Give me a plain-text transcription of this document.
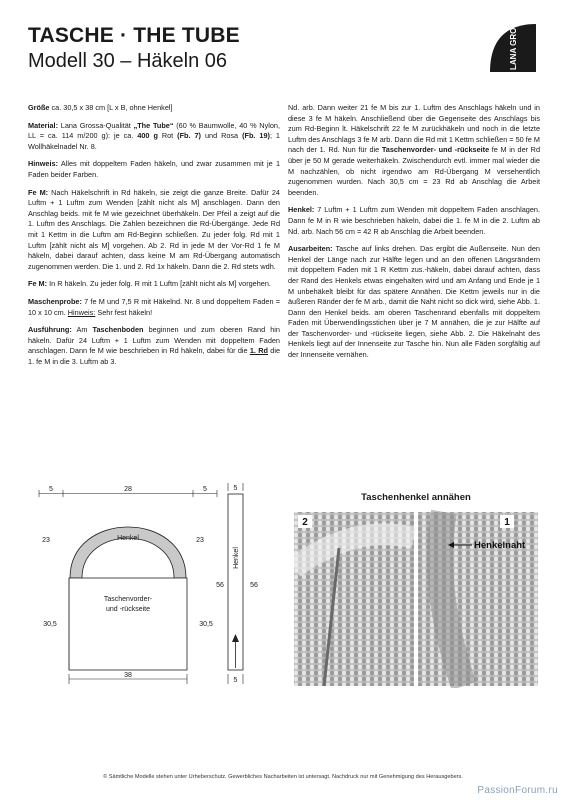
TASCHE · THE TUBE
Modell 30 – Häkeln 06	LANA GROSSA

Größe ca. 30,5 x 38 cm [L x B, ohne Henkel]

Material: Lana Grossa-Qualität „The Tube“ (60 % Baumwolle, 40 % Nylon, LL = ca. 114 m/200 g): je ca. 400 g Rot (Fb. 7) und Rosa (Fb. 19); 1 Wollhäkelnadel Nr. 8.

Hinweis: Alles mit doppeltem Faden häkeln, und zwar zusammen mit je 1 Faden beider Farben.

Fe M: Nach Häkelschrift in Rd häkeln, sie zeigt die ganze Breite. Dafür 24 Luftm + 1 Luftm zum Wenden [zählt nicht als M] anschlagen. Dann den Anschlag beids. mit fe M wie gezeichnet überhäkeln. Der Pfeil a zeigt auf die 1. Luftm des Anschlags. Die Zahlen bezeichnen die Rd-Übergänge. Jede Rd mit 1 Kettm in die Luftm am Rd-Beginn schließen. Zu jeder folg. Rd mit 1 Luftm [zählt nicht als M] vorgehen. Ab 2. Rd in jede M der Vor-Rd 1 fe M häkeln, dabei darauf achten, dass keine M am Rd-Übergang automatisch zugenommen werden. Die 1. und 2. Rd 1x häkeln. Dann die 2. Rd stets wdh.

Fe M: In R häkeln. Zu jeder folg. R mit 1 Luftm [zählt nicht als M] vorgehen.

Maschenprobe: 7 fe M und 7,5 R mit Häkelnd. Nr. 8 und doppeltem Faden = 10 x 10 cm. Hinweis: Sehr fest häkeln!

Ausführung: Am Taschenboden beginnen und zum oberen Rand hin häkeln. Dafür 24 Luftm + 1 Luftm zum Wenden mit doppeltem Faden anschlagen. Dann fe M wie beschrieben in Rd häkeln, dabei für die 1. Rd die 1. fe M in die 3. Luftm ab 3.

Nd. arb. Dann weiter 21 fe M bis zur 1. Luftm des Anschlags häkeln und in diese 3 fe M häkeln. Anschließend über die Gegenseite des Anschlags bis zum Rd-Beginn lt. Häkelschrift 22 fe M zurückhäkeln und noch in die letzte Luftm des Anschlags 3 fe M arb. Dann die Rd mit 1 Kettm schließen = 50 fe M nach der 1. Rd. Nun für die Taschenvorder- und -rückseite fe M in der Rd über je 50 M gerade weiterhäkeln. Zwischendurch evtl. immer mal wieder die M nachzählen, ob nicht irgendwo am Rd-Übergang M versehentlich zugenommen wurden. Nach 30,5 cm = 23 Rd ab Anschlag die Arbeit beenden.

Henkel: 7 Luftm + 1 Luftm zum Wenden mit doppeltem Faden anschlagen. Dann fe M in R wie beschrieben häkeln, dabei die 1. fe M in die 2. Luftm ab Nd. arb. Nach 56 cm = 42 R ab Anschlag die Arbeit beenden.

Ausarbeiten: Tasche auf links drehen. Das ergibt die Außenseite. Nun den Henkel der Länge nach zur Hälfte legen und an den offenen Längsrändern mit doppeltem Faden mit 1 R Kettm zus.-häkeln, dabei darauf achten, dass der Rand des Henkels etwas eingehalten wird und am Anfang und Ende je 1 M unbehäkelt bleibt für das spätere Annähen. Die Kettm jeweils nur in die äußeren Ränder der fe M arb., damit die Naht nicht so dick wird, siehe Abb. 1. Dann den Henkel beids. am oberen Taschenrand ebenfalls mit doppeltem Faden mit Überwendlingsstichen über je 7 M annähen, die je zur Hälfte auf der Taschenvorder- und -rückseite liegen, siehe Abb. 2. Die Häkelnaht des Henkels liegt auf der Innenseite zur Tasche hin. Nun alle Fäden sorgfältig auf der Innenseite vernähen.

5	28	5
Henkel
Taschenvorder-
und -rückseite
23	23
30,5	30,5
38
5
Henkel
56	56
5
Taschenhenkel annähen
2	1
Henkelnaht
© Sämtliche Modelle stehen unter Urheberschutz. Gewerbliches Nacharbeiten ist untersagt. Nachdruck nur mit Genehmigung des Herausgebers.
PassionForum.ru
